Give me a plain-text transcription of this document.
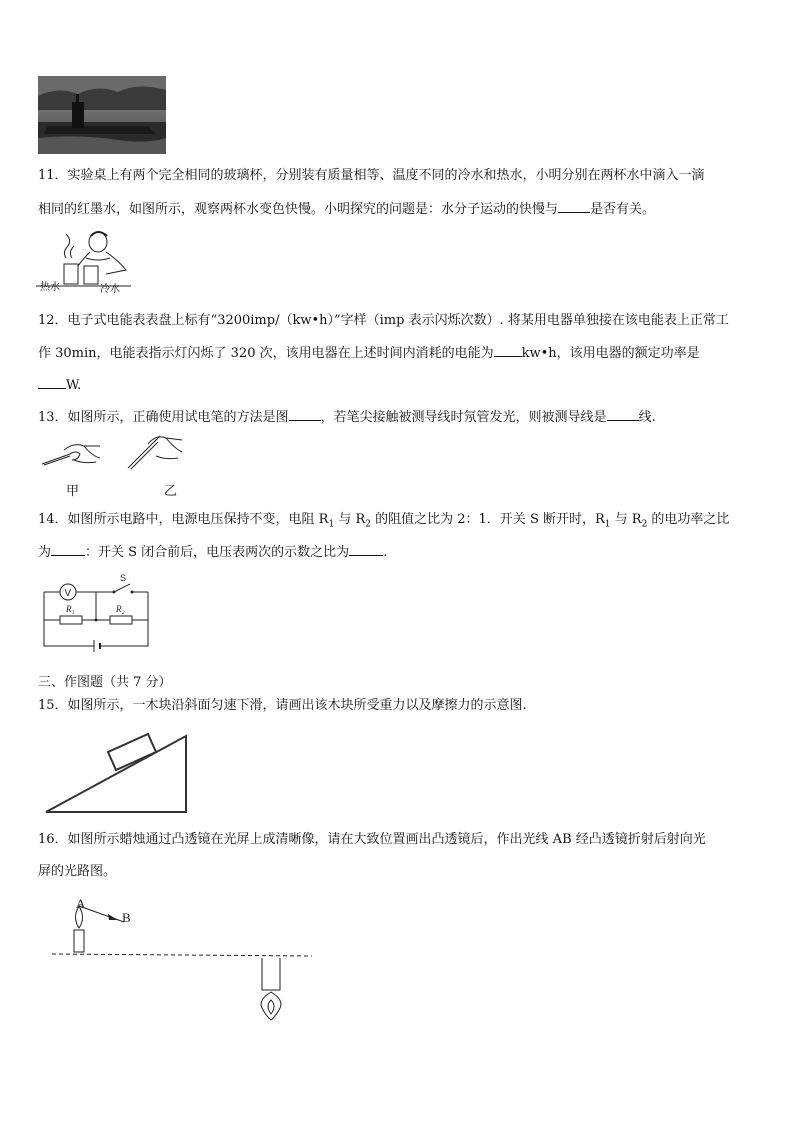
11．实验桌上有两个完全相同的玻璃杯，分别装有质量相等、温度不同的冷水和热水，小明分别在两杯水中滴入一滴
相同的红墨水，如图所示，观察两杯水变色快慢。小明探究的问题是：水分子运动的快慢与 是否有关。
热水	冷水
12．电子式电能表表盘上标有“3200imp/（kw•h）”字样（imp 表示闪烁次数）. 将某用电器单独接在该电能表上正常工
作 30min，电能表指示灯闪烁了 320 次，该用电器在上述时间内消耗的电能为 kw•h，该用电器的额定功率是
W.
13．如图所示，正确使用试电笔的方法是图 ，若笔尖接触被测导线时氖管发光，则被测导线是 线.
甲	乙
14．如图所示电路中，电源电压保持不变，电阻 $R_1$ 与 $R_2$ 的阻值之比为 2：1．开关 S 断开时，$R_1$ 与 $R_2$ 的电功率之比
为	：开关 S 闭合前后，电压表两次的示数之比为	.
V
S
R₁	R₂
三、作图题（共 7 分）
15．如图所示，一木块沿斜面匀速下滑，请画出该木块所受重力以及摩擦力的示意图.
16．如图所示蜡烛通过凸透镜在光屏上成清晰像，请在大致位置画出凸透镜后，作出光线 AB 经凸透镜折射后射向光
屏的光路图。
A
B
